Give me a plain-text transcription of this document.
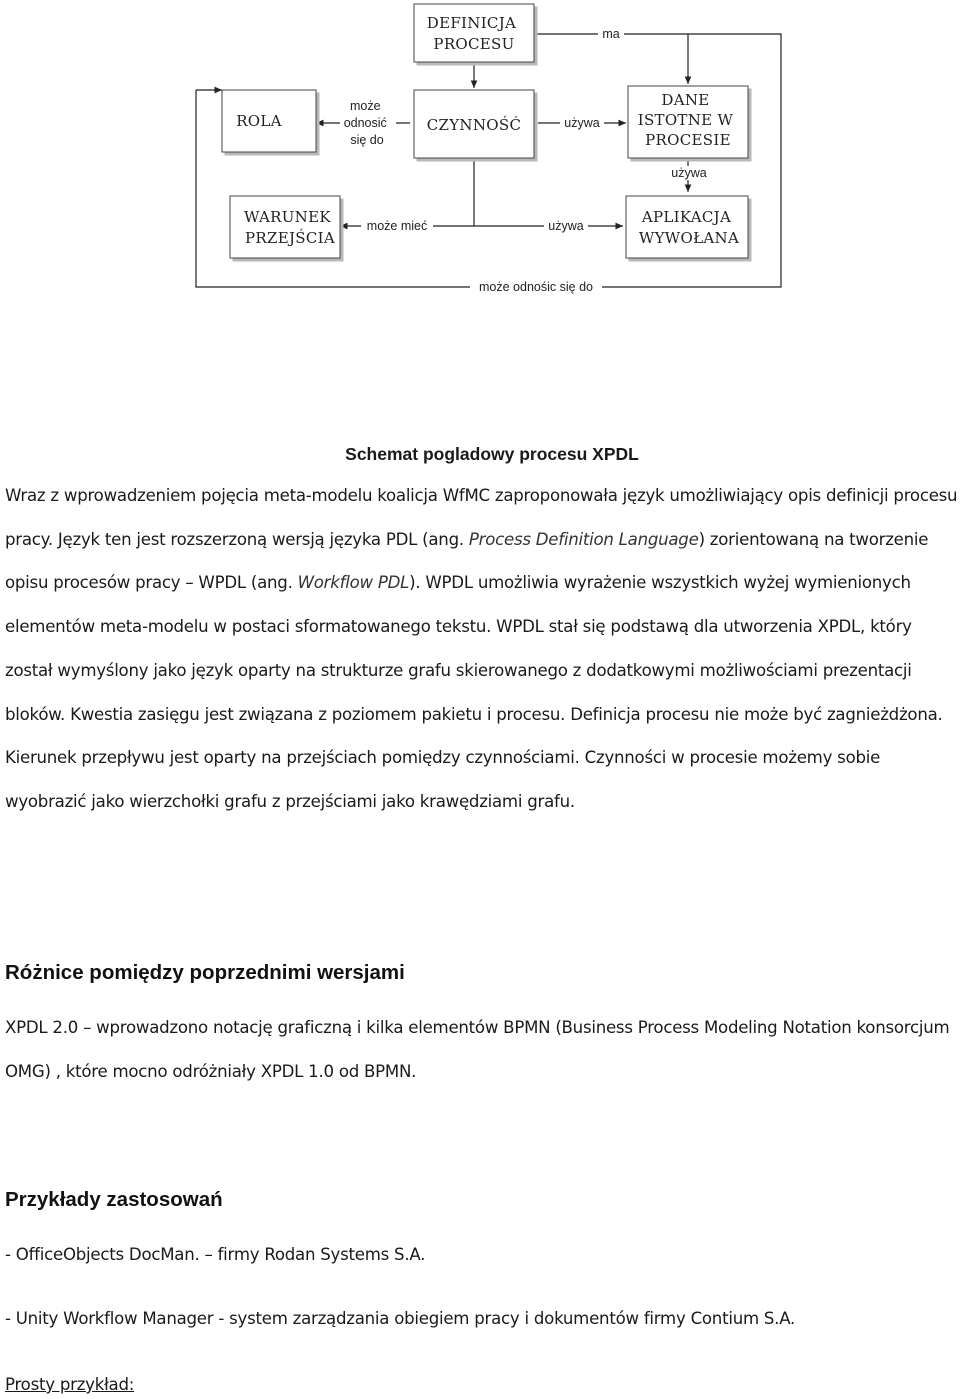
DEFINICJA PROCESU
ROLA	CZYNNOŚĆ
DANE ISTOTNE W PROCESIE
WARUNEK PRZEJŚCIA
APLIKACJA WYWOŁANA
ma
może odnosić się do
używa
używa
może mieć	używa
może odnośic się do
Schemat pogladowy procesu XPDL

Wraz z wprowadzeniem pojęcia meta-modelu koalicja WfMC zaproponowała język umożliwiający opis definicji procesu pracy. Język ten jest rozszerzoną wersją języka PDL (ang. Process Definition Language) zorientowaną na tworzenie opisu procesów pracy – WPDL (ang. Workflow PDL). WPDL umożliwia wyrażenie wszystkich wyżej wymienionych elementów meta-modelu w postaci sformatowanego tekstu. WPDL stał się podstawą dla utworzenia XPDL, który został wymyślony jako język oparty na strukturze grafu skierowanego z dodatkowymi możliwościami prezentacji bloków. Kwestia zasięgu jest związana z poziomem pakietu i procesu. Definicja procesu nie może być zagnieżdżona. Kierunek przepływu jest oparty na przejściach pomiędzy czynnościami. Czynności w procesie możemy sobie wyobrazić jako wierzchołki grafu z przejściami jako krawędziami grafu.

Różnice pomiędzy poprzednimi wersjami

XPDL 2.0 – wprowadzono notację graficzną i kilka elementów BPMN (Business Process Modeling Notation konsorcjum OMG) , które mocno odróżniały XPDL 1.0 od BPMN.

Przykłady zastosowań

- OfficeObjects DocMan. – firmy Rodan Systems S.A.

- Unity Workflow Manager - system zarządzania obiegiem pracy i dokumentów firmy Contium S.A.

Prosty przykład:
